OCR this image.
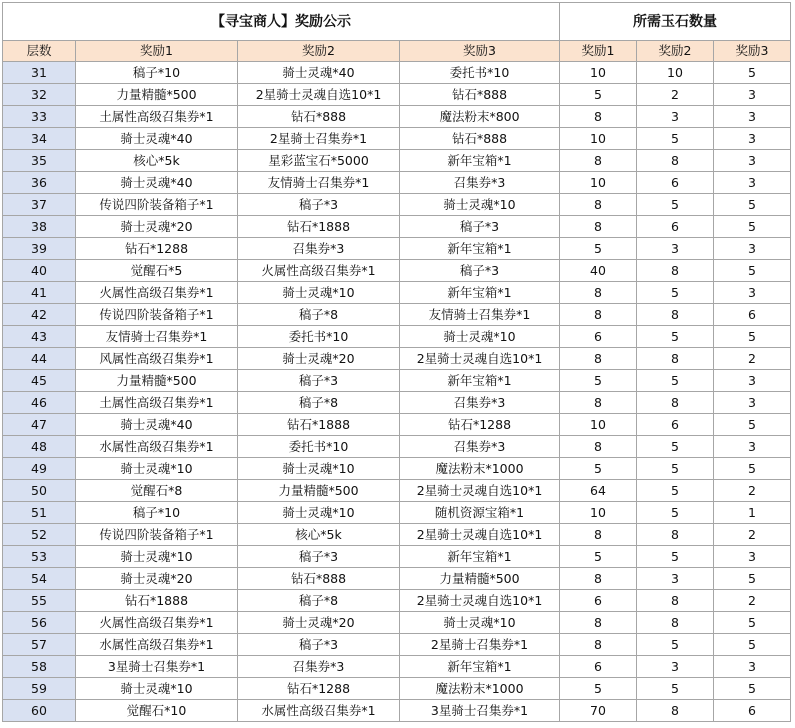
【寻宝商人】奖励公示				所需玉石数量		
层数	奖励1	奖励2	奖励3	奖励1	奖励2	奖励3
31	稿子*10	骑士灵魂*40	委托书*10	10	10	5
32	力量精髓*500	2星骑士灵魂自选10*1	钻石*888	5	2	3
33	土属性高级召集券*1	钻石*888	魔法粉末*800	8	3	3
34	骑士灵魂*40	2星骑士召集券*1	钻石*888	10	5	3
35	核心*5k	星彩蓝宝石*5000	新年宝箱*1	8	8	3
36	骑士灵魂*40	友情骑士召集券*1	召集券*3	10	6	3
37	传说四阶装备箱子*1	稿子*3	骑士灵魂*10	8	5	5
38	骑士灵魂*20	钻石*1888	稿子*3	8	6	5
39	钻石*1288	召集券*3	新年宝箱*1	5	3	3
40	觉醒石*5	火属性高级召集券*1	稿子*3	40	8	5
41	火属性高级召集券*1	骑士灵魂*10	新年宝箱*1	8	5	3
42	传说四阶装备箱子*1	稿子*8	友情骑士召集券*1	8	8	6
43	友情骑士召集券*1	委托书*10	骑士灵魂*10	6	5	5
44	风属性高级召集券*1	骑士灵魂*20	2星骑士灵魂自选10*1	8	8	2
45	力量精髓*500	稿子*3	新年宝箱*1	5	5	3
46	土属性高级召集券*1	稿子*8	召集券*3	8	8	3
47	骑士灵魂*40	钻石*1888	钻石*1288	10	6	5
48	水属性高级召集券*1	委托书*10	召集券*3	8	5	3
49	骑士灵魂*10	骑士灵魂*10	魔法粉末*1000	5	5	5
50	觉醒石*8	力量精髓*500	2星骑士灵魂自选10*1	64	5	2
51	稿子*10	骑士灵魂*10	随机资源宝箱*1	10	5	1
52	传说四阶装备箱子*1	核心*5k	2星骑士灵魂自选10*1	8	8	2
53	骑士灵魂*10	稿子*3	新年宝箱*1	5	5	3
54	骑士灵魂*20	钻石*888	力量精髓*500	8	3	5
55	钻石*1888	稿子*8	2星骑士灵魂自选10*1	6	8	2
56	火属性高级召集券*1	骑士灵魂*20	骑士灵魂*10	8	8	5
57	水属性高级召集券*1	稿子*3	2星骑士召集券*1	8	5	5
58	3星骑士召集券*1	召集券*3	新年宝箱*1	6	3	3
59	骑士灵魂*10	钻石*1288	魔法粉末*1000	5	5	5
60	觉醒石*10	水属性高级召集券*1	3星骑士召集券*1	70	8	6
